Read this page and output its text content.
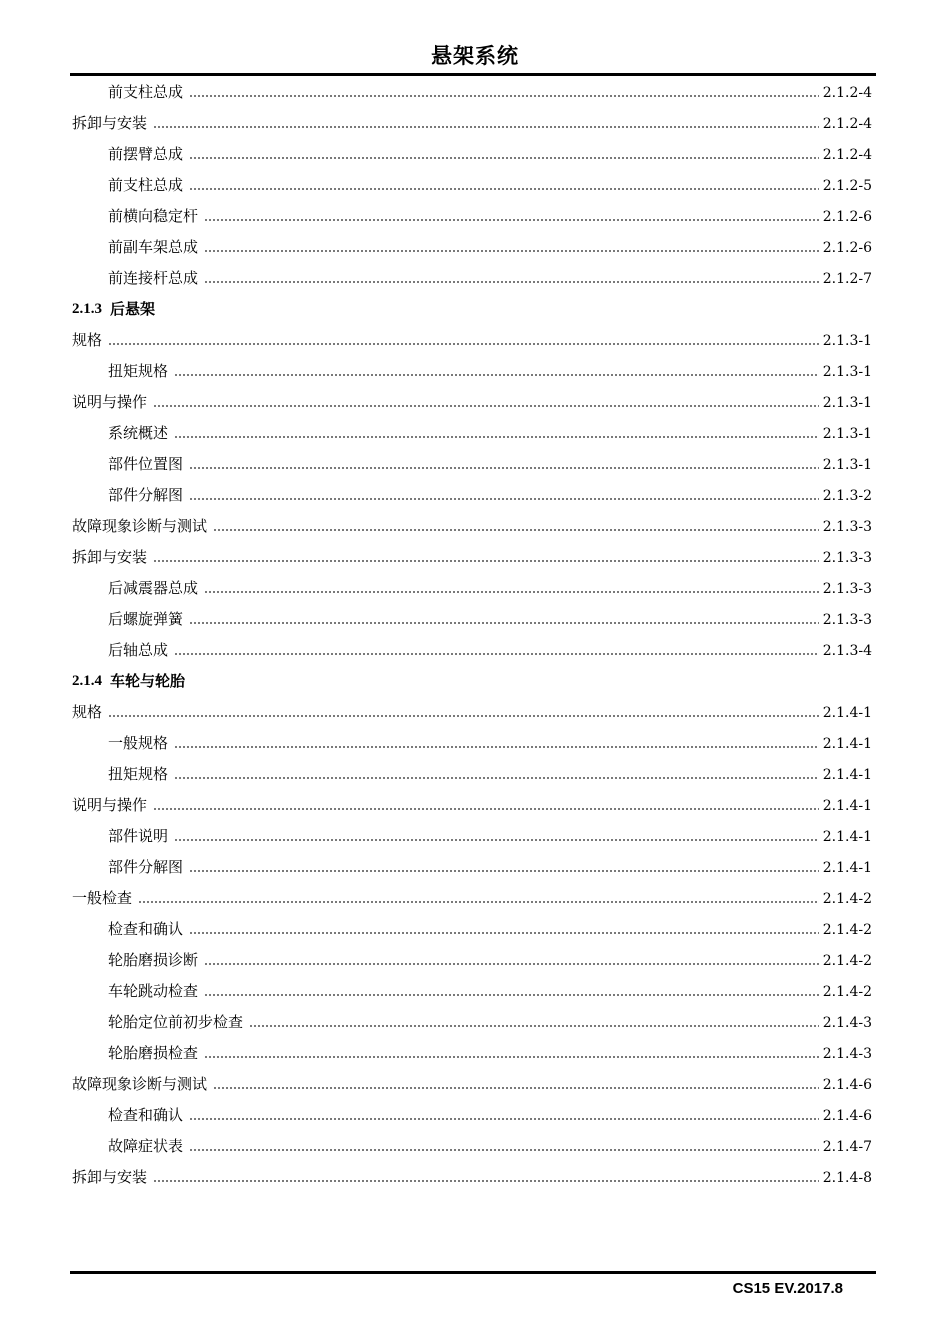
悬架系统
前支柱总成	2.1.2-4
拆卸与安装	2.1.2-4
前摆臂总成	2.1.2-4
前支柱总成	2.1.2-5
前横向稳定杆	2.1.2-6
前副车架总成	2.1.2-6
前连接杆总成	2.1.2-7
2.1.3 后悬架
规格	2.1.3-1
扭矩规格	2.1.3-1
说明与操作	2.1.3-1
系统概述	2.1.3-1
部件位置图	2.1.3-1
部件分解图	2.1.3-2
故障现象诊断与测试	2.1.3-3
拆卸与安装	2.1.3-3
后减震器总成	2.1.3-3
后螺旋弹簧	2.1.3-3
后轴总成	2.1.3-4
2.1.4 车轮与轮胎
规格	2.1.4-1
一般规格	2.1.4-1
扭矩规格	2.1.4-1
说明与操作	2.1.4-1
部件说明	2.1.4-1
部件分解图	2.1.4-1
一般检查	2.1.4-2
检查和确认	2.1.4-2
轮胎磨损诊断	2.1.4-2
车轮跳动检查	2.1.4-2
轮胎定位前初步检查	2.1.4-3
轮胎磨损检查	2.1.4-3
故障现象诊断与测试	2.1.4-6
检查和确认	2.1.4-6
故障症状表	2.1.4-7
拆卸与安装	2.1.4-8
CS15 EV.2017.8
